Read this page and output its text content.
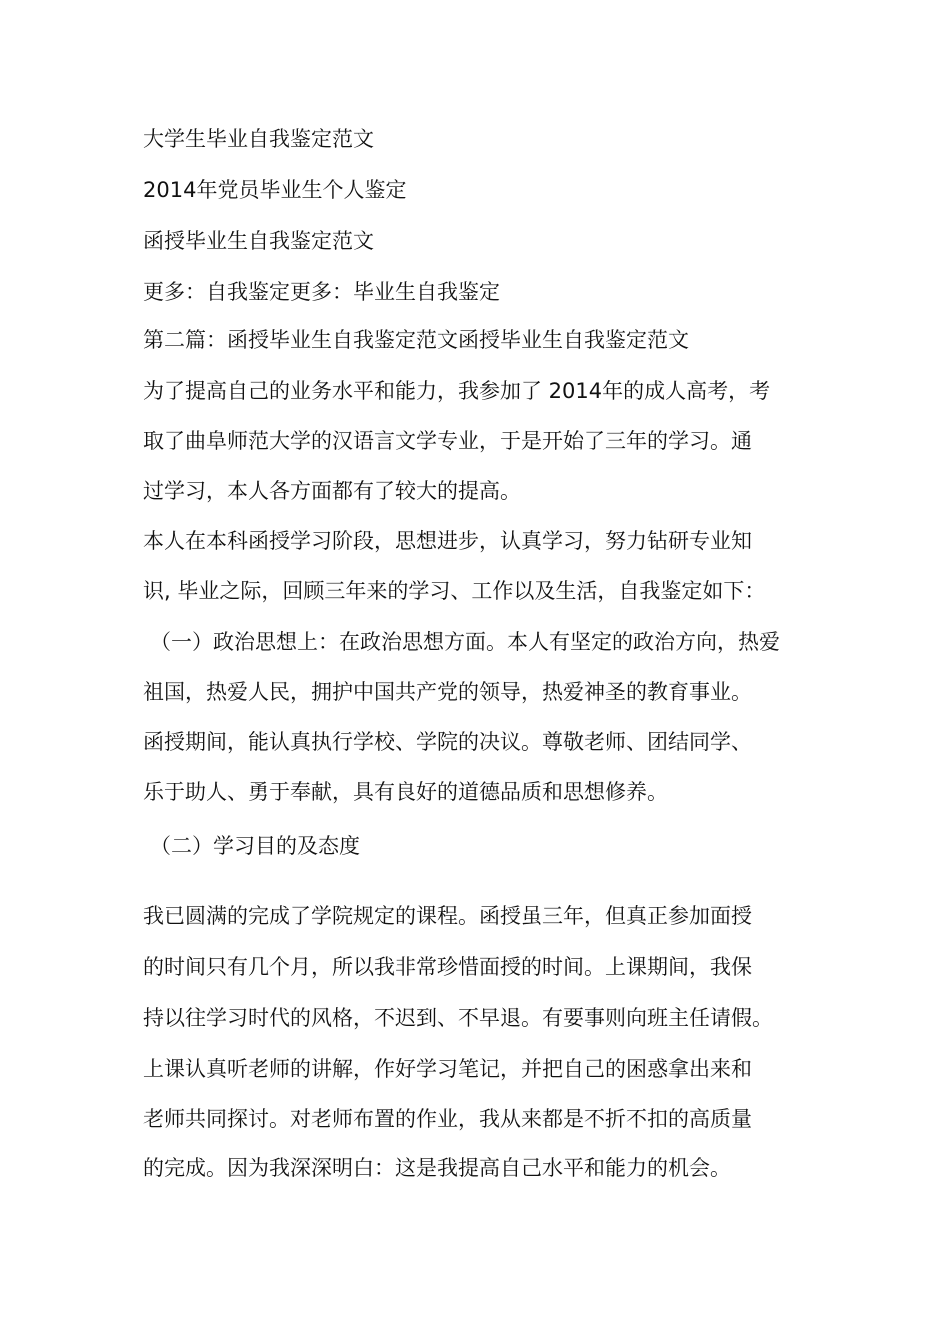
大学生毕业自我鉴定范文
2014年党员毕业生个人鉴定
函授毕业生自我鉴定范文
更多：自我鉴定更多：毕业生自我鉴定
第二篇：函授毕业生自我鉴定范文函授毕业生自我鉴定范文
为了提高自己的业务水平和能力，我参加了 2014年的成人高考，考
取了曲阜师范大学的汉语言文学专业，于是开始了三年的学习。通
过学习，本人各方面都有了较大的提高。
本人在本科函授学习阶段，思想进步，认真学习，努力钻研专业知
识, 毕业之际，回顾三年来的学习、工作以及生活，自我鉴定如下：
（一）政治思想上：在政治思想方面。本人有坚定的政治方向，热爱
祖国，热爱人民，拥护中国共产党的领导，热爱神圣的教育事业。
函授期间，能认真执行学校、学院的决议。尊敬老师、团结同学、
乐于助人、勇于奉献，具有良好的道德品质和思想修养。
（二）学习目的及态度
我已圆满的完成了学院规定的课程。函授虽三年，但真正参加面授
的时间只有几个月，所以我非常珍惜面授的时间。上课期间，我保
持以往学习时代的风格，不迟到、不早退。有要事则向班主任请假。
上课认真听老师的讲解，作好学习笔记，并把自己的困惑拿出来和
老师共同探讨。对老师布置的作业，我从来都是不折不扣的高质量
的完成。因为我深深明白：这是我提高自己水平和能力的机会。
